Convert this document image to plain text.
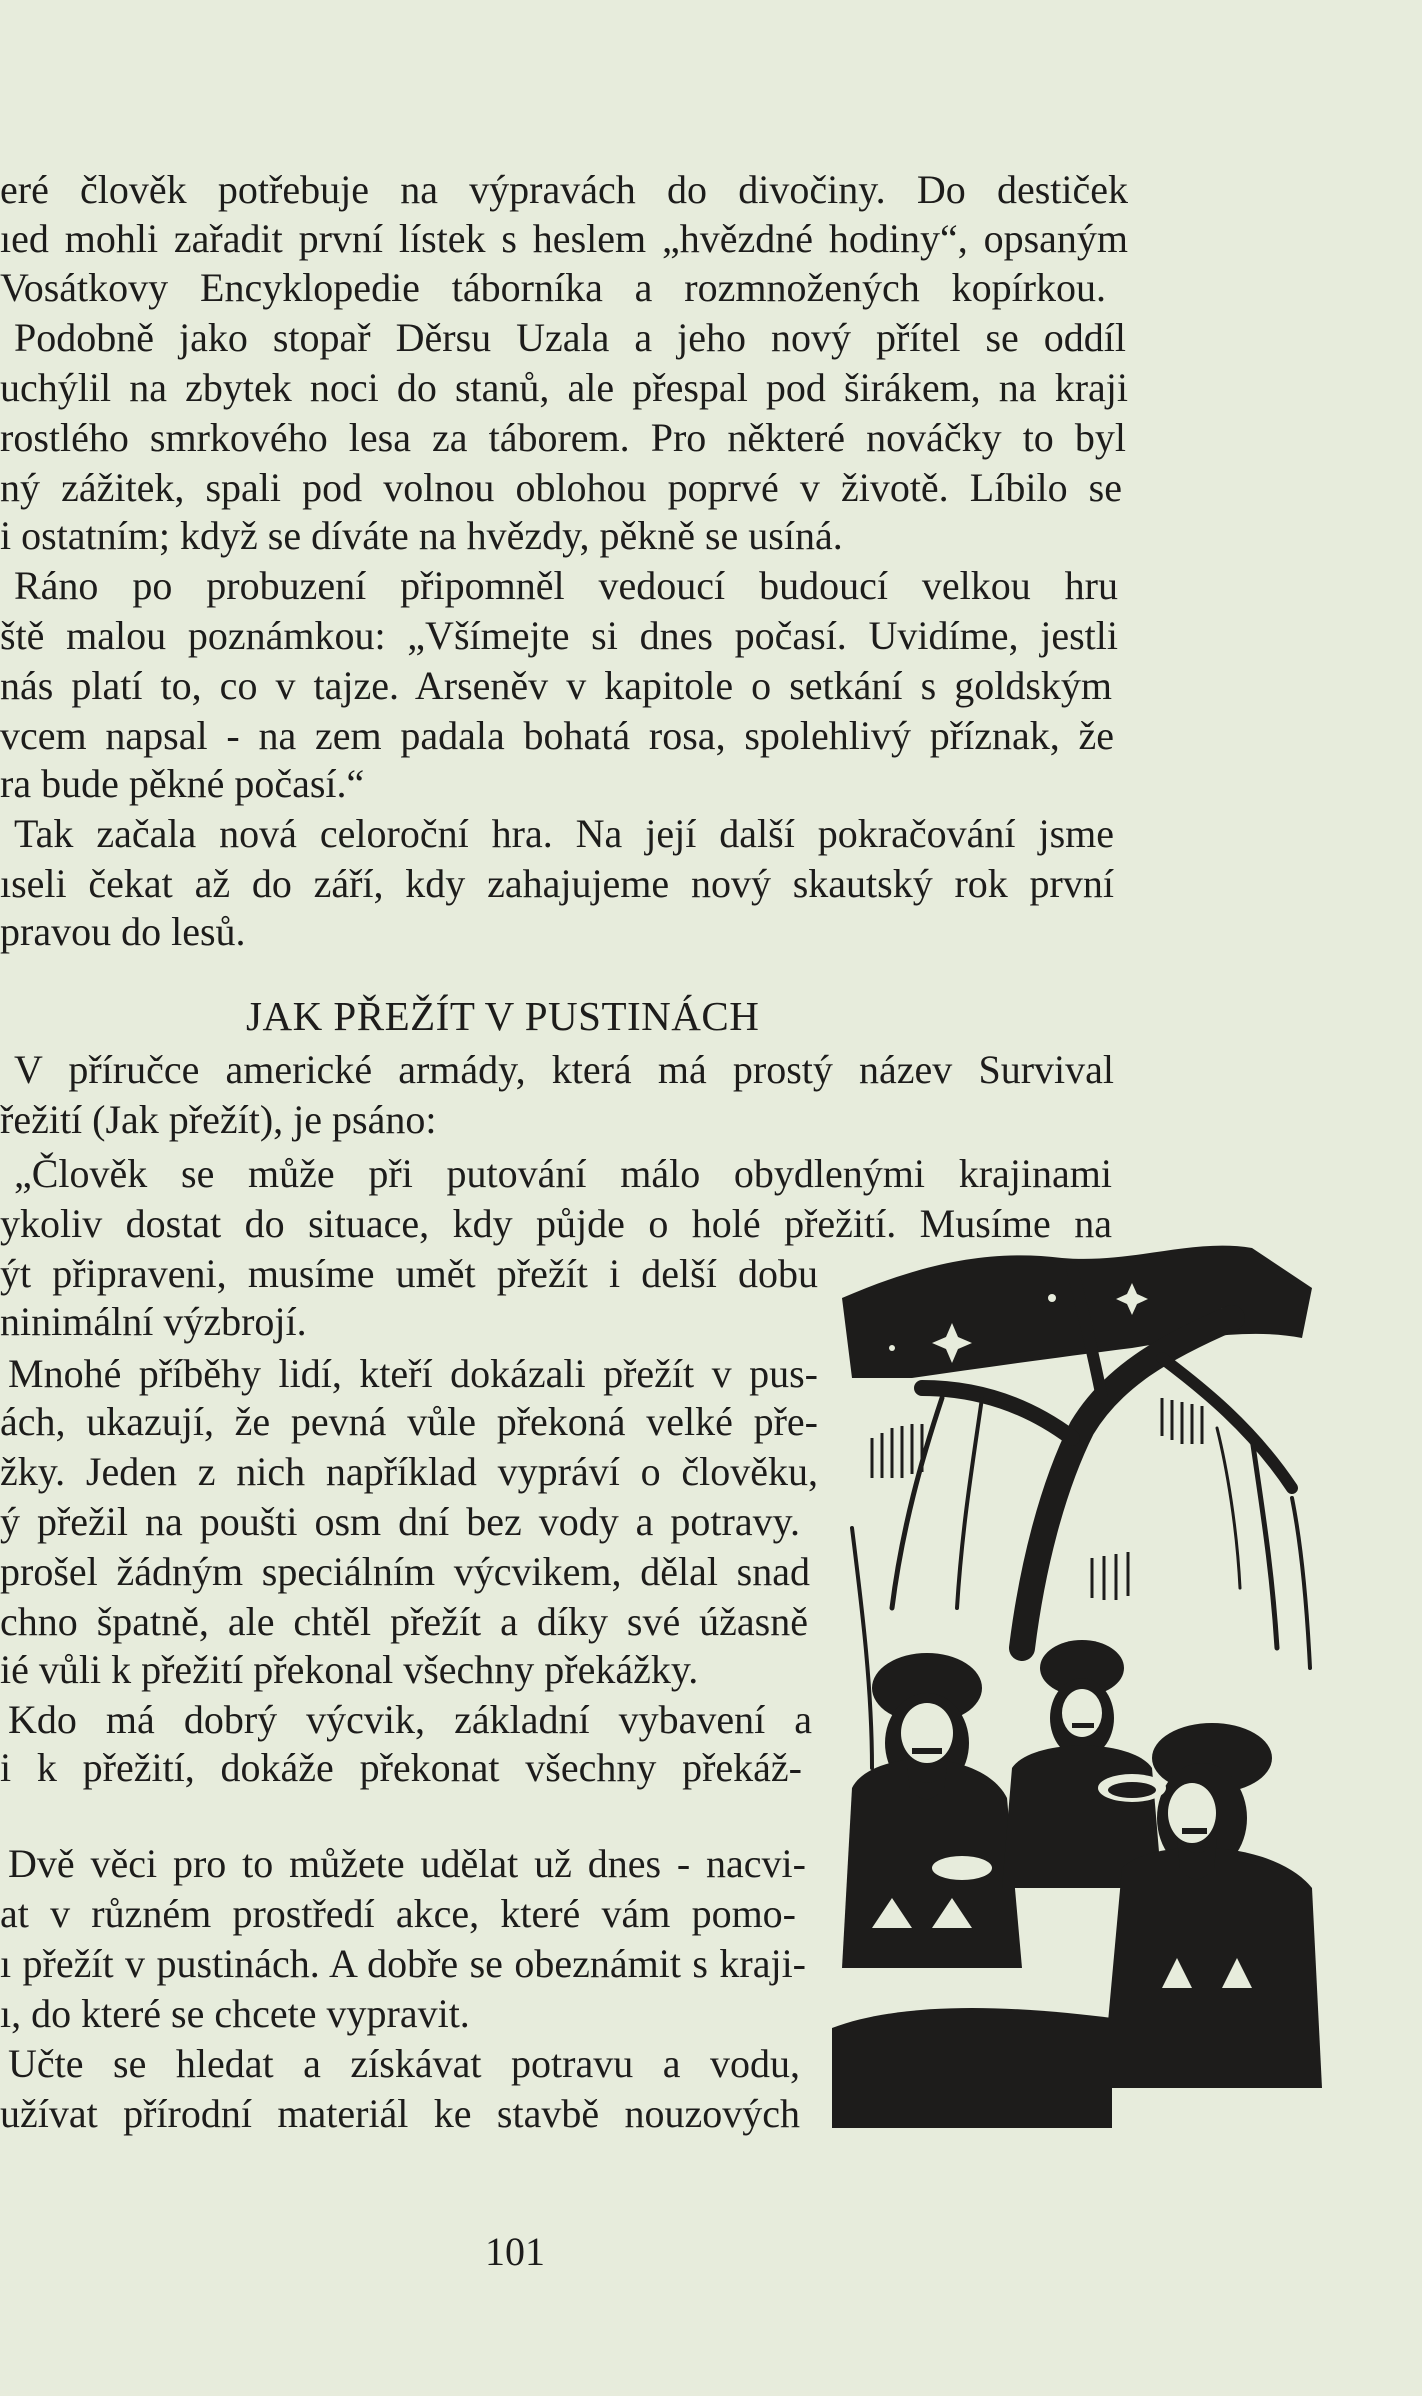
eré člověk potřebuje na výpravách do divočiny. Do destiček
ıed mohli zařadit první lístek s heslem „hvězdné hodiny“, opsaným
Vosátkovy Encyklopedie táborníka a rozmnožených kopírkou.
Podobně jako stopař Děrsu Uzala a jeho nový přítel se oddíl
uchýlil na zbytek noci do stanů, ale přespal pod širákem, na kraji
rostlého smrkového lesa za táborem. Pro některé nováčky to byl
ný zážitek, spali pod volnou oblohou poprvé v životě. Líbilo se
i ostatním; když se díváte na hvězdy, pěkně se usíná.
Ráno po probuzení připomněl vedoucí budoucí velkou hru
ště malou poznámkou: „Všímejte si dnes počasí. Uvidíme, jestli
nás platí to, co v tajze. Arseněv v kapitole o setkání s goldským
vcem napsal - na zem padala bohatá rosa, spolehlivý příznak, že
ra bude pěkné počasí.“
Tak začala nová celoroční hra. Na její další pokračování jsme
ıseli čekat až do září, kdy zahajujeme nový skautský rok první
pravou do lesů.
JAK PŘEŽÍT V PUSTINÁCH
V příručce americké armády, která má prostý název Survival
řežití (Jak přežít), je psáno:
„Člověk se může při putování málo obydlenými krajinami
ykoliv dostat do situace, kdy půjde o holé přežití. Musíme na
ýt připraveni, musíme umět přežít i delší dobu
ninimální výzbrojí.
Mnohé příběhy lidí, kteří dokázali přežít v pus-
ách, ukazují, že pevná vůle překoná velké pře-
žky. Jeden z nich například vypráví o člověku,
ý přežil na poušti osm dní bez vody a potravy.
prošel žádným speciálním výcvikem, dělal snad
chno špatně, ale chtěl přežít a díky své úžasně
ié vůli k přežití překonal všechny překážky.
Kdo má dobrý výcvik, základní vybavení a
i k přežití, dokáže překonat všechny překáž-
Dvě věci pro to můžete udělat už dnes - nacvi-
at v různém prostředí akce, které vám pomo-
ı přežít v pustinách. A dobře se obeznámit s kraji-
ı, do které se chcete vypravit.
Učte se hledat a získávat potravu a vodu,
užívat přírodní materiál ke stavbě nouzových
101
